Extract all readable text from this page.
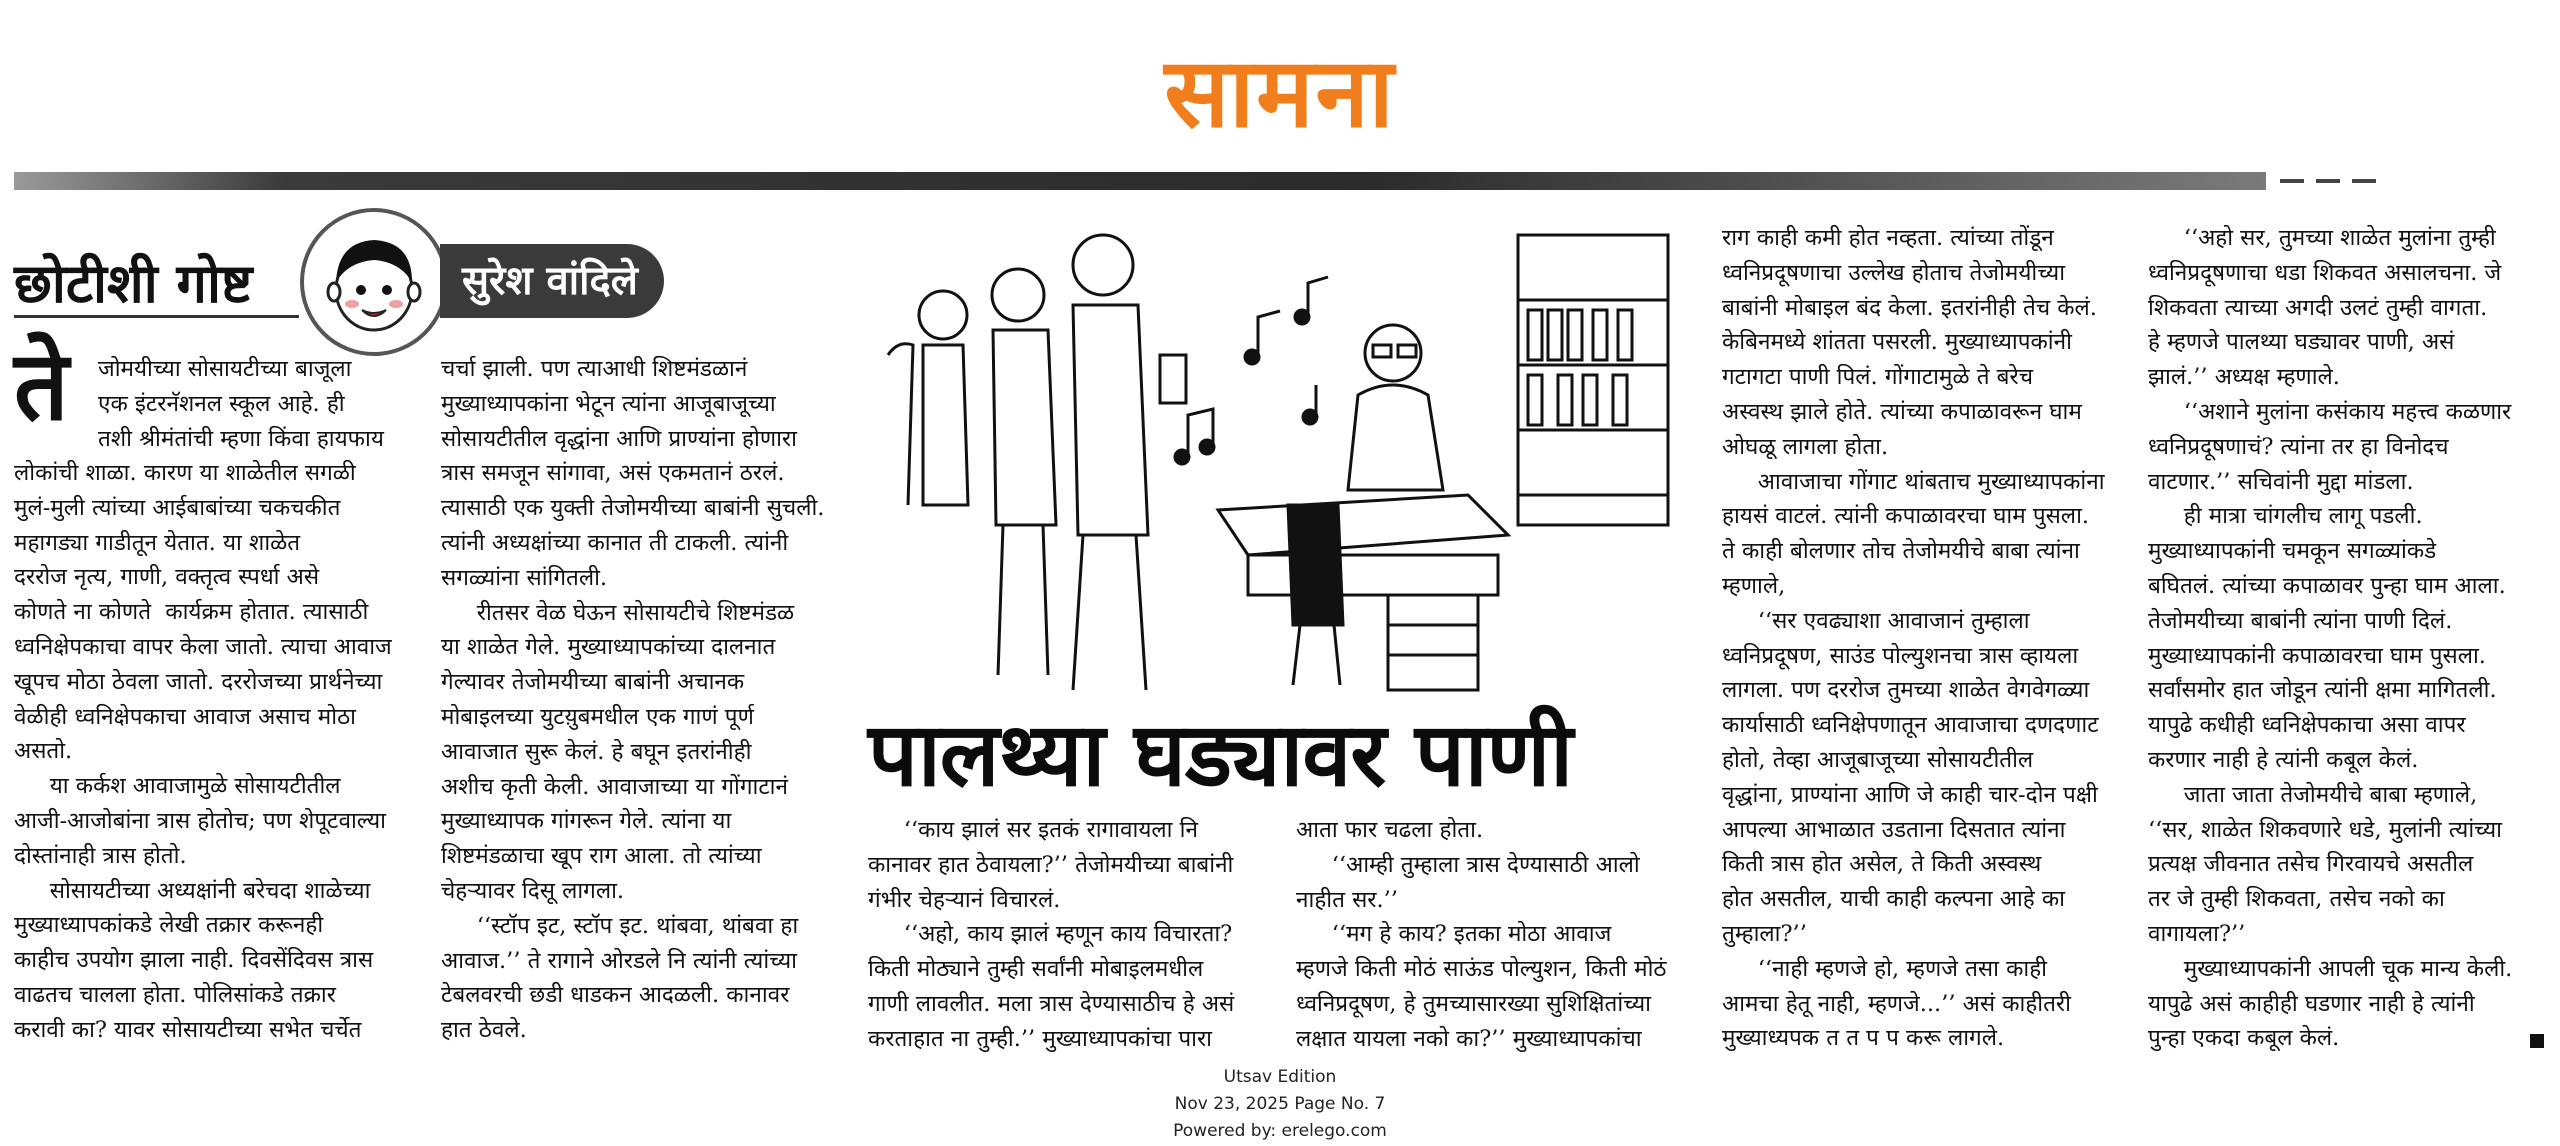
सामना
छोटीशी गोष्ट	सुरेश वांदिले
ते जोमयीच्या सोसायटीच्या बाजूला
एक इंटरनॅशनल स्कूल आहे. ही
तशी श्रीमंतांची म्हणा किंवा हायफाय
लोकांची शाळा. कारण या शाळेतील सगळी
मुलं-मुली त्यांच्या आईबाबांच्या चकचकीत
महागड्या गाडीतून येतात. या शाळेत
दररोज नृत्य, गाणी, वक्तृत्व स्पर्धा असे
कोणते ना कोणते  कार्यक्रम होतात. त्यासाठी
ध्वनिक्षेपकाचा वापर केला जातो. त्याचा आवाज
खूपच मोठा ठेवला जातो. दररोजच्या प्रार्थनेच्या
वेळीही ध्वनिक्षेपकाचा आवाज असाच मोठा
असतो.
या कर्कश आवाजामुळे सोसायटीतील
आजी-आजोबांना त्रास होतोच; पण शेपूटवाल्या
दोस्तांनाही त्रास होतो.
सोसायटीच्या अध्यक्षांनी बरेचदा शाळेच्या
मुख्याध्यापकांकडे लेखी तक्रार करूनही
काहीच उपयोग झाला नाही. दिवसेंदिवस त्रास
वाढतच चालला होता. पोलिसांकडे तक्रार
करावी का? यावर सोसायटीच्या सभेत चर्चेत
चर्चा झाली. पण त्याआधी शिष्टमंडळानं
मुख्याध्यापकांना भेटून त्यांना आजूबाजूच्या
सोसायटीतील वृद्धांना आणि प्राण्यांना होणारा
त्रास समजून सांगावा, असं एकमतानं ठरलं.
त्यासाठी एक युक्ती तेजोमयीच्या बाबांनी सुचली.
त्यांनी अध्यक्षांच्या कानात ती टाकली. त्यांनी
सगळ्यांना सांगितली.
रीतसर वेळ घेऊन सोसायटीचे शिष्टमंडळ
या शाळेत गेले. मुख्याध्यापकांच्या दालनात
गेल्यावर तेजोमयीच्या बाबांनी अचानक
मोबाइलच्या युटय़ुबमधील एक गाणं पूर्ण
आवाजात सुरू केलं. हे बघून इतरांनीही
अशीच कृती केली. आवाजाच्या या गोंगाटानं
मुख्याध्यापक गांगरून गेले. त्यांना या
शिष्टमंडळाचा खूप राग आला. तो त्यांच्या
चेहऱ्यावर दिसू लागला.
‘‘स्टॉप इट, स्टॉप इट. थांबवा, थांबवा हा
आवाज.’’ ते रागाने ओरडले नि त्यांनी त्यांच्या
टेबलवरची छडी धाडकन आदळली. कानावर
हात ठेवले.
पालथ्या घड्यावर पाणी
‘‘काय झालं सर इतकं रागावायला नि
कानावर हात ठेवायला?’’ तेजोमयीच्या बाबांनी
गंभीर चेहऱ्यानं विचारलं.
‘‘अहो, काय झालं म्हणून काय विचारता?
किती मोठ्याने तुम्ही सर्वांनी मोबाइलमधील
गाणी लावलीत. मला त्रास देण्यासाठीच हे असं
करताहात ना तुम्ही.’’ मुख्याध्यापकांचा पारा
आता फार चढला होता.
‘‘आम्ही तुम्हाला त्रास देण्यासाठी आलो
नाहीत सर.’’
‘‘मग हे काय? इतका मोठा आवाज
म्हणजे किती मोठं साऊंड पोल्युशन, किती मोठं
ध्वनिप्रदूषण, हे तुमच्यासारख्या सुशिक्षितांच्या
लक्षात यायला नको का?’’ मुख्याध्यापकांचा
राग काही कमी होत नव्हता. त्यांच्या तोंडून
ध्वनिप्रदूषणाचा उल्लेख होताच तेजोमयीच्या
बाबांनी मोबाइल बंद केला. इतरांनीही तेच केलं.
केबिनमध्ये शांतता पसरली. मुख्याध्यापकांनी
गटागटा पाणी पिलं. गोंगाटामुळे ते बरेच
अस्वस्थ झाले होते. त्यांच्या कपाळावरून घाम
ओघळू लागला होता.
आवाजाचा गोंगाट थांबताच मुख्याध्यापकांना
हायसं वाटलं. त्यांनी कपाळावरचा घाम पुसला.
ते काही बोलणार तोच तेजोमयीचे बाबा त्यांना
म्हणाले,
‘‘सर एवढ्याशा आवाजानं तुम्हाला
ध्वनिप्रदूषण, साउंड पोल्युशनचा त्रास व्हायला
लागला. पण दररोज तुमच्या शाळेत वेगवेगळ्या
कार्यासाठी ध्वनिक्षेपणातून आवाजाचा दणदणाट
होतो, तेव्हा आजूबाजूच्या सोसायटीतील
वृद्धांना, प्राण्यांना आणि जे काही चार-दोन पक्षी
आपल्या आभाळात उडताना दिसतात त्यांना
किती त्रास होत असेल, ते किती अस्वस्थ
होत असतील, याची काही कल्पना आहे का
तुम्हाला?’’
‘‘नाही म्हणजे हो, म्हणजे तसा काही
आमचा हेतू नाही, म्हणजे...’’ असं काहीतरी
मुख्याध्यपक त त प प करू लागले.
‘‘अहो सर, तुमच्या शाळेत मुलांना तुम्ही
ध्वनिप्रदूषणाचा धडा शिकवत असालचना. जे
शिकवता त्याच्या अगदी उलटं तुम्ही वागता.
हे म्हणजे पालथ्या घड्यावर पाणी, असं
झालं.’’ अध्यक्ष म्हणाले.
‘‘अशाने मुलांना कसंकाय महत्त्व कळणार
ध्वनिप्रदूषणाचं? त्यांना तर हा विनोदच
वाटणार.’’ सचिवांनी मुद्दा मांडला.
ही मात्रा चांगलीच लागू पडली.
मुख्याध्यापकांनी चमकून सगळ्यांकडे
बघितलं. त्यांच्या कपाळावर पुन्हा घाम आला.
तेजोमयीच्या बाबांनी त्यांना पाणी दिलं.
मुख्याध्यापकांनी कपाळावरचा घाम पुसला.
सर्वांसमोर हात जोडून त्यांनी क्षमा मागितली.
यापुढे कधीही ध्वनिक्षेपकाचा असा वापर
करणार नाही हे त्यांनी कबूल केलं.
जाता जाता तेजोमयीचे बाबा म्हणाले,
‘‘सर, शाळेत शिकवणारे धडे, मुलांनी त्यांच्या
प्रत्यक्ष जीवनात तसेच गिरवायचे असतील
तर जे तुम्ही शिकवता, तसेच नको का
वागायला?’’
मुख्याध्यापकांनी आपली चूक मान्य केली.
यापुढे असं काहीही घडणार नाही हे त्यांनी
पुन्हा एकदा कबूल केलं.
Utsav Edition
Nov 23, 2025 Page No. 7
Powered by: erelego.com
